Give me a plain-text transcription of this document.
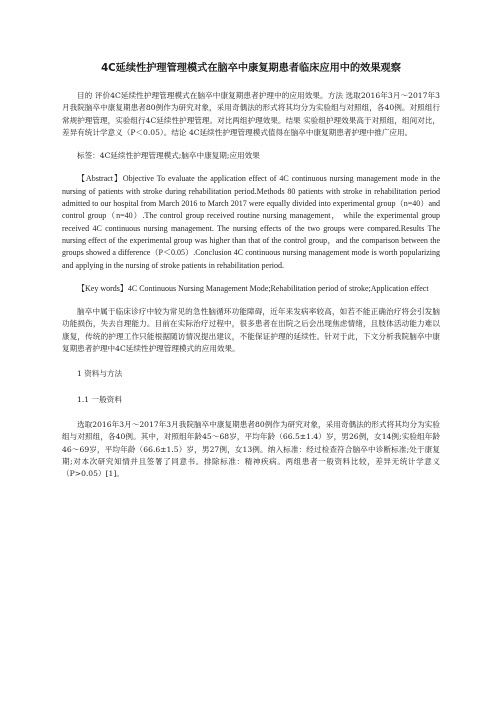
4C延续性护理管理模式在脑卒中康复期患者临床应用中的效果观察

目的 评价4C延续性护理管理模式在脑卒中康复期患者护理中的应用效果。方法 选取2016年3月～2017年3月我院脑卒中康复期患者80例作为研究对象，采用奇偶法的形式将其均分为实验组与对照组，各40例。对照组行常规护理管理，实验组行4C延续性护理管理。对比两组护理效果。结果 实验组护理效果高于对照组，组间对比，差异有统计学意义（P＜0.05）。结论 4C延续性护理管理模式值得在脑卒中康复期患者护理中推广应用。

标签：4C延续性护理管理模式;脑卒中康复期;应用效果

【Abstract】Objective To evaluate the application effect of 4C continuous nursing management mode in the nursing of patients with stroke during rehabilitation period.Methods 80 patients with stroke in rehabilitation period admitted to our hospital from March 2016 to March 2017 were equally divided into experimental group（n=40）and control group（n=40）.The control group received routine nursing management， while the experimental group received 4C continuous nursing management. The nursing effects of the two groups were compared.Results The nursing effect of the experimental group was higher than that of the control group，and the comparison between the groups showed a difference（P＜0.05）.Conclusion 4C continuous nursing management mode is worth popularizing and applying in the nursing of stroke patients in rehabilitation period.

【Key words】4C Continuous Nursing Management Mode;Rehabilitation period of stroke;Application effect

脑卒中属于临床诊疗中较为常见的急性脑循环功能障碍，近年来发病率较高，如若不能正确治疗将会引发脑功能损伤，失去自理能力。目前在实际治疗过程中，很多患者在出院之后会出现焦虑情绪，且肢体活动能力难以康复，传统的护理工作只能根据随访情况提出建议，不能保证护理的延续性。针对于此，下文分析我院脑卒中康复期患者护理中4C延续性护理管理模式的应用效果。

1 资料与方法

1.1 一般资料

选取2016年3月～2017年3月我院脑卒中康复期患者80例作为研究对象，采用奇偶法的形式将其均分为实验组与对照组，各40例。其中，对照组年龄45～68岁，平均年龄（66.5±1.4）岁，男26例，女14例;实验组年龄46～69岁，平均年龄（66.6±1.5）岁，男27例，女13例。纳入标准：经过检查符合脑卒中诊断标准;处于康复期;对本次研究知情并且签署了同意书。排除标准：精神疾病。两组患者一般资料比较，差异无统计学意义（P>0.05）[1]。
